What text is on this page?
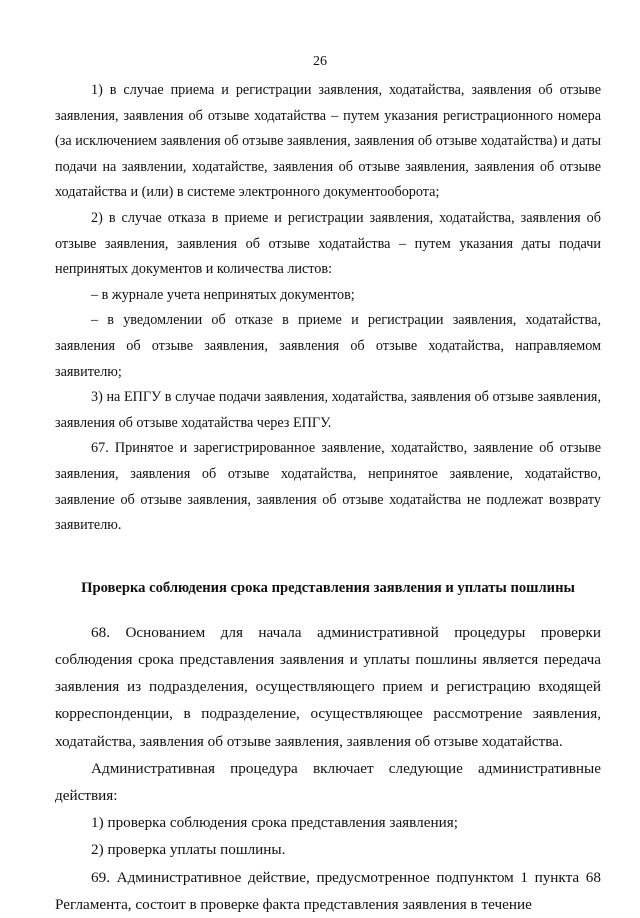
26

1) в случае приема и регистрации заявления, ходатайства, заявления об отзыве заявления, заявления об отзыве ходатайства – путем указания регистрационного номера (за исключением заявления об отзыве заявления, заявления об отзыве ходатайства) и даты подачи на заявлении, ходатайстве, заявления об отзыве заявления, заявления об отзыве ходатайства и (или) в системе электронного документооборота;

2) в случае отказа в приеме и регистрации заявления, ходатайства, заявления об отзыве заявления, заявления об отзыве ходатайства – путем указания даты подачи непринятых документов и количества листов:

– в журнале учета непринятых документов;

– в уведомлении об отказе в приеме и регистрации заявления, ходатайства, заявления об отзыве заявления, заявления об отзыве ходатайства, направляемом заявителю;

3) на ЕПГУ в случае подачи заявления, ходатайства, заявления об отзыве заявления, заявления об отзыве ходатайства через ЕПГУ.

67. Принятое и зарегистрированное заявление, ходатайство, заявление об отзыве заявления, заявления об отзыве ходатайства, непринятое заявление, ходатайство, заявление об отзыве заявления, заявления об отзыве ходатайства не подлежат возврату заявителю.

Проверка соблюдения срока представления заявления и уплаты пошлины

68. Основанием для начала административной процедуры проверки соблюдения срока представления заявления и уплаты пошлины является передача заявления из подразделения, осуществляющего прием и регистрацию входящей корреспонденции, в подразделение, осуществляющее рассмотрение заявления, ходатайства, заявления об отзыве заявления, заявления об отзыве ходатайства.

Административная процедура включает следующие административные действия:

1) проверка соблюдения срока представления заявления;

2) проверка уплаты пошлины.

69. Административное действие, предусмотренное подпунктом 1 пункта 68 Регламента, состоит в проверке факта представления заявления в течение
